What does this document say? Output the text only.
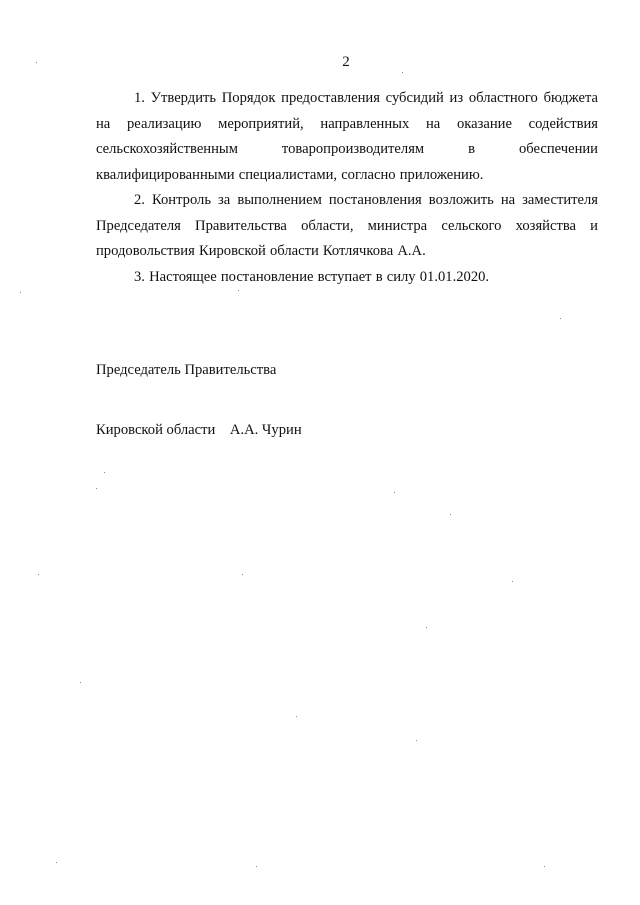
2

1. Утвердить Порядок предоставления субсидий из областного бюджета на реализацию мероприятий, направленных на оказание содействия сельскохозяйственным товаропроизводителям в обеспечении квалифицированными специалистами, согласно приложению.

2. Контроль за выполнением постановления возложить на заместителя Председателя Правительства области, министра сельского хозяйства и продовольствия Кировской области Котлячкова А.А.

3. Настоящее постановление вступает в силу 01.01.2020.

Председатель Правительства

Кировской области А.А. Чурин
